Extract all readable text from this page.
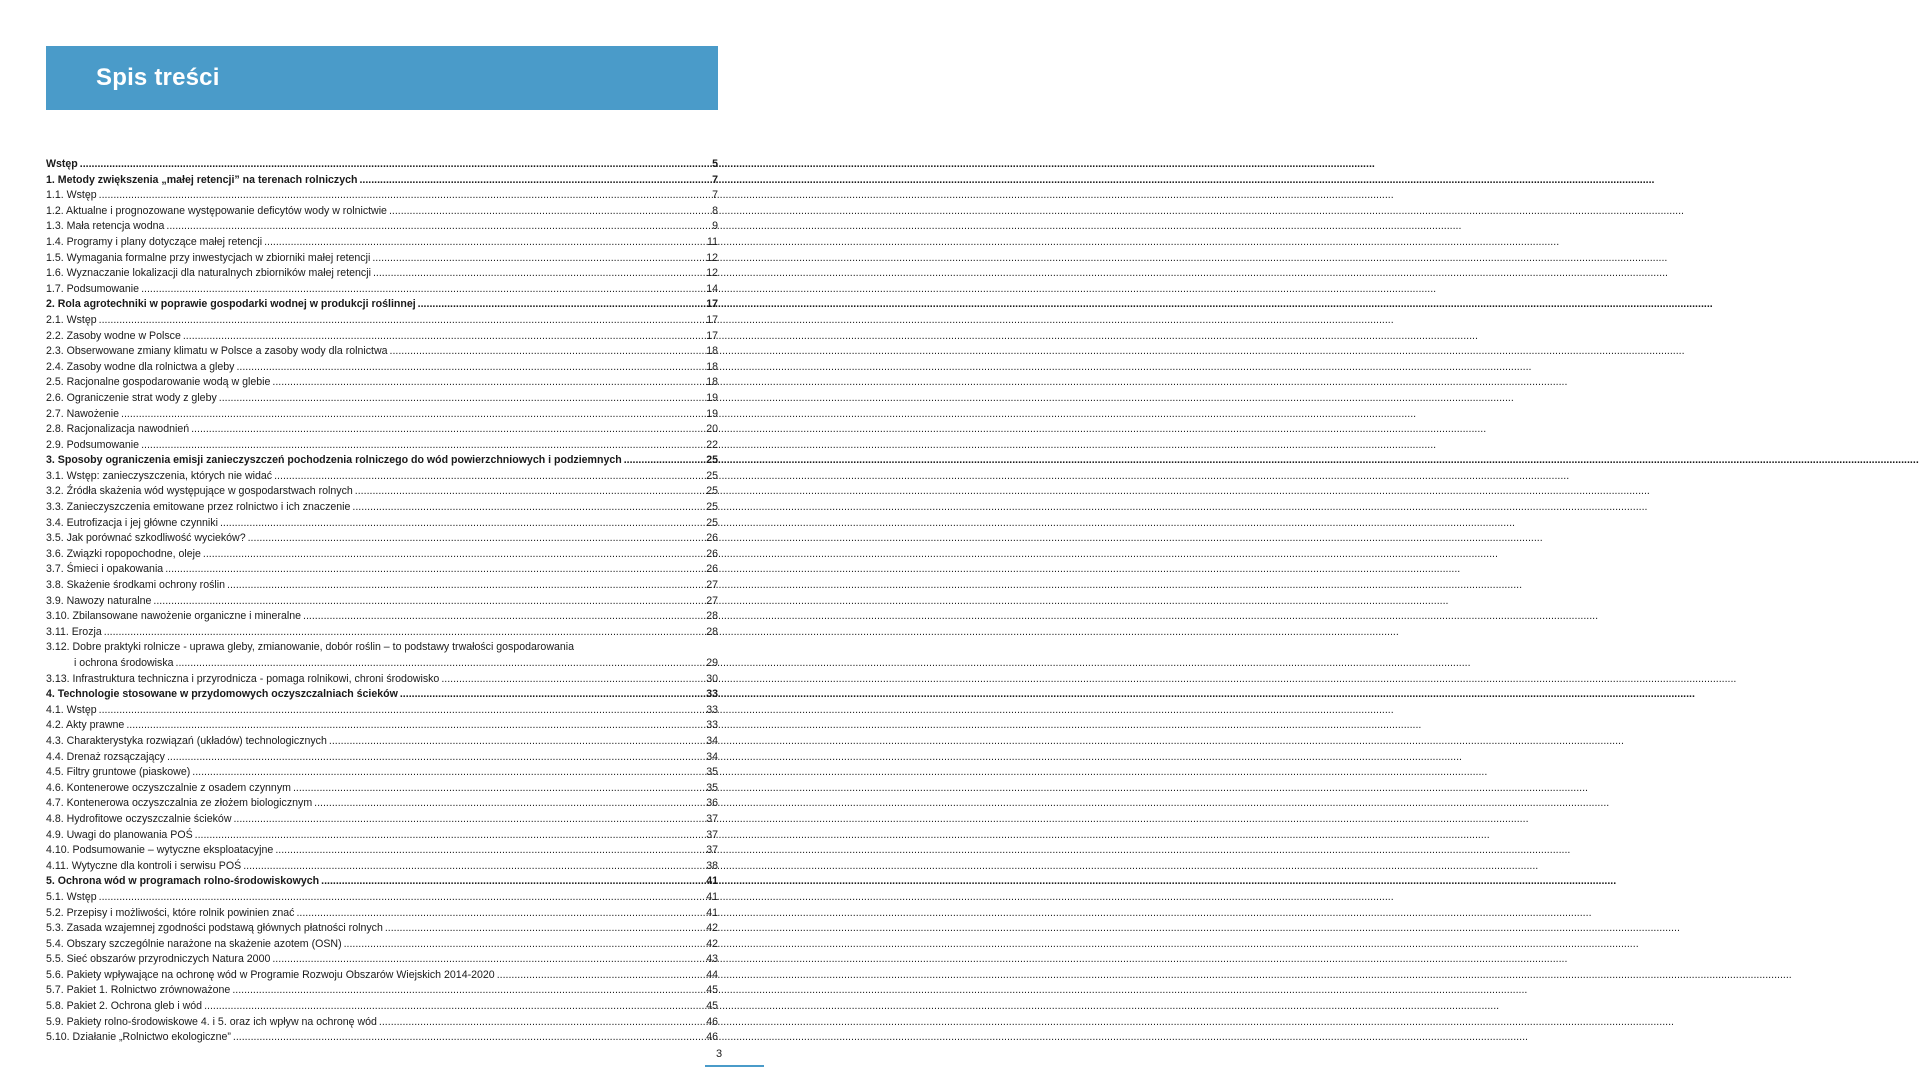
Spis treści
Wstęp .....	5
1. Metody zwiększenia „małej retencji” na terenach rolniczych .....	7
1.1. Wstęp .....	7
1.2. Aktualne i prognozowane występowanie deficytów wody w rolnictwie .....	8
1.3. Mała retencja wodna .....	9
1.4. Programy i plany dotyczące małej retencji .....	11
1.5. Wymagania formalne przy inwestycjach w zbiorniki małej retencji .....	12
1.6. Wyznaczanie lokalizacji dla naturalnych zbiorników małej retencji .....	12
1.7. Podsumowanie .....	14
2. Rola agrotechniki w poprawie gospodarki wodnej w produkcji roślinnej .....	17
2.1. Wstęp .....	17
2.2. Zasoby wodne w Polsce .....	17
2.3. Obserwowane zmiany klimatu w Polsce a zasoby wody dla rolnictwa .....	18
2.4. Zasoby wodne dla rolnictwa a gleby .....	18
2.5. Racjonalne gospodarowanie wodą w glebie .....	18
2.6. Ograniczenie strat wody z gleby .....	19
2.7. Nawożenie .....	19
2.8. Racjonalizacja nawodnień .....	20
2.9. Podsumowanie .....	22
3. Sposoby ograniczenia emisji zanieczyszczeń pochodzenia rolniczego do wód powierzchniowych i podziemnych .....	25
3.1. Wstęp: zanieczyszczenia, których nie widać .....	25
3.2. Źródła skażenia wód występujące w gospodarstwach rolnych .....	25
3.3. Zanieczyszczenia emitowane przez rolnictwo i ich znaczenie .....	25
3.4. Eutrofizacja i jej główne czynniki .....	25
3.5. Jak porównać szkodliwość wycieków? .....	26
3.6. Związki ropopochodne, oleje .....	26
3.7. Śmieci i opakowania .....	26
3.8. Skażenie środkami ochrony roślin .....	27
3.9. Nawozy naturalne .....	27
3.10. Zbilansowane nawożenie organiczne i mineralne .....	28
3.11. Erozja .....	28
3.12. Dobre praktyki rolnicze - uprawa gleby, zmianowanie, dobór roślin – to podstawy trwałości gospodarowania
i ochrona środowiska .....	29
3.13. Infrastruktura techniczna i przyrodnicza - pomaga rolnikowi, chroni środowisko .....	30
4. Technologie stosowane w przydomowych oczyszczalniach ścieków .....	33
4.1. Wstęp .....	33
4.2. Akty prawne .....	33
4.3. Charakterystyka rozwiązań (układów) technologicznych .....	34
4.4. Drenaż rozsączający .....	34
4.5. Filtry gruntowe (piaskowe) .....	35
4.6. Kontenerowe oczyszczalnie z osadem czynnym .....	35
4.7. Kontenerowa oczyszczalnia ze złożem biologicznym .....	36
4.8. Hydrofitowe oczyszczalnie ścieków .....	37
4.9. Uwagi do planowania POŚ .....	37
4.10. Podsumowanie – wytyczne eksploatacyjne .....	37
4.11. Wytyczne dla kontroli i serwisu POŚ .....	38
5. Ochrona wód w programach rolno-środowiskowych .....	41
5.1. Wstęp .....	41
5.2. Przepisy i możliwości, które rolnik powinien znać .....	41
5.3. Zasada wzajemnej zgodności podstawą głównych płatności rolnych .....	42
5.4. Obszary szczególnie narażone na skażenie azotem (OSN) .....	42
5.5. Sieć obszarów przyrodniczych Natura 2000 .....	43
5.6. Pakiety wpływające na ochronę wód w Programie Rozwoju Obszarów Wiejskich 2014-2020 .....	44
5.7. Pakiet 1. Rolnictwo zrównoważone .....	45
5.8. Pakiet 2. Ochrona gleb i wód .....	45
5.9. Pakiety rolno-środowiskowe 4. i 5. oraz ich wpływ na ochronę wód .....	46
5.10. Działanie „Rolnictwo ekologiczne” .....	46
3
